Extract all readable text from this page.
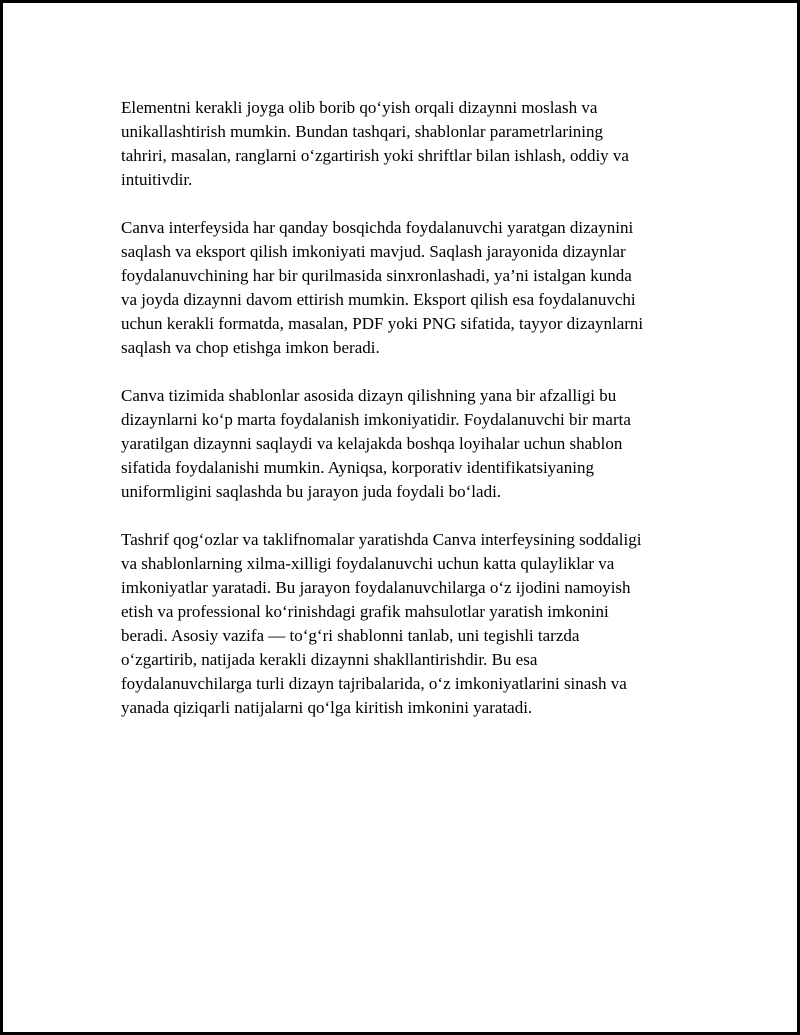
Elementni kerakli joyga olib borib qo‘yish orqali dizaynni moslash va
unikallashtirish mumkin. Bundan tashqari, shablonlar parametrlarining
tahriri, masalan, ranglarni o‘zgartirish yoki shriftlar bilan ishlash, oddiy va
intuitivdir.

Canva interfeysida har qanday bosqichda foydalanuvchi yaratgan dizaynini
saqlash va eksport qilish imkoniyati mavjud. Saqlash jarayonida dizaynlar
foydalanuvchining har bir qurilmasida sinxronlashadi, ya’ni istalgan kunda
va joyda dizaynni davom ettirish mumkin. Eksport qilish esa foydalanuvchi
uchun kerakli formatda, masalan, PDF yoki PNG sifatida, tayyor dizaynlarni
saqlash va chop etishga imkon beradi.

Canva tizimida shablonlar asosida dizayn qilishning yana bir afzalligi bu
dizaynlarni ko‘p marta foydalanish imkoniyatidir. Foydalanuvchi bir marta
yaratilgan dizaynni saqlaydi va kelajakda boshqa loyihalar uchun shablon
sifatida foydalanishi mumkin. Ayniqsa, korporativ identifikatsiyaning
uniformligini saqlashda bu jarayon juda foydali bo‘ladi.

Tashrif qog‘ozlar va taklifnomalar yaratishda Canva interfeysining soddaligi
va shablonlarning xilma-xilligi foydalanuvchi uchun katta qulayliklar va
imkoniyatlar yaratadi. Bu jarayon foydalanuvchilarga o‘z ijodini namoyish
etish va professional ko‘rinishdagi grafik mahsulotlar yaratish imkonini
beradi. Asosiy vazifa — to‘g‘ri shablonni tanlab, uni tegishli tarzda
o‘zgartirib, natijada kerakli dizaynni shakllantirishdir. Bu esa
foydalanuvchilarga turli dizayn tajribalarida, o‘z imkoniyatlarini sinash va
yanada qiziqarli natijalarni qo‘lga kiritish imkonini yaratadi.
